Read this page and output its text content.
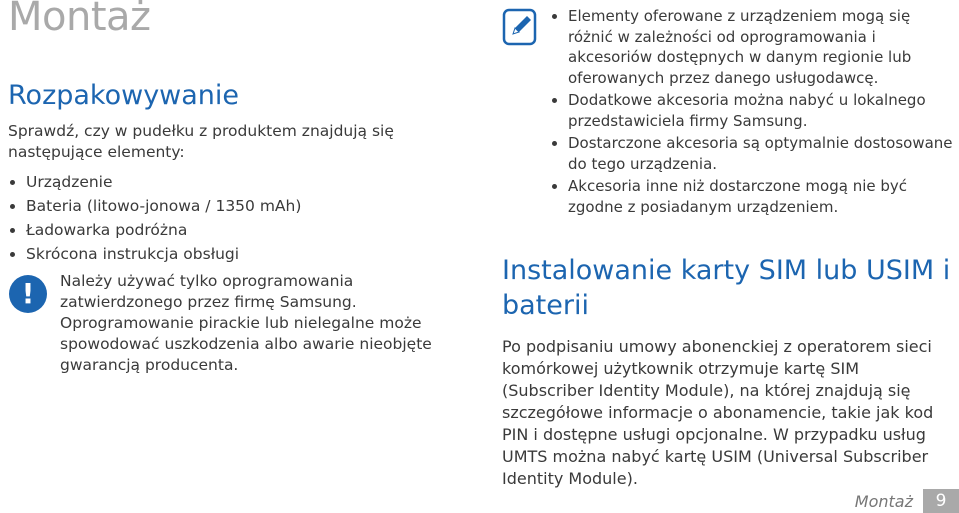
Montaż
Rozpakowywanie

Sprawdź, czy w pudełku z produktem znajdują się następujące elementy:

Urządzenie
Bateria (litowo-jonowa / 1350 mAh)
Ładowarka podróżna
Skrócona instrukcja obsługi
!	Należy używać tylko oprogramowania zatwierdzonego przez firmę Samsung. Oprogramowanie pirackie lub nielegalne może spowodować uszkodzenia albo awarie nieobjęte gwarancją producenta.

Elementy oferowane z urządzeniem mogą się różnić w zależności od oprogramowania i akcesoriów dostępnych w danym regionie lub oferowanych przez danego usługodawcę.
Dodatkowe akcesoria można nabyć u lokalnego przedstawiciela firmy Samsung.
Dostarczone akcesoria są optymalnie dostosowane do tego urządzenia.
Akcesoria inne niż dostarczone mogą nie być zgodne z posiadanym urządzeniem.
Instalowanie karty SIM lub USIM i baterii

Po podpisaniu umowy abonenckiej z operatorem sieci komórkowej użytkownik otrzymuje kartę SIM (Subscriber Identity Module), na której znajdują się szczegółowe informacje o abonamencie, takie jak kod PIN i dostępne usługi opcjonalne. W przypadku usług UMTS można nabyć kartę USIM (Universal Subscriber Identity Module).

Montaż	9
